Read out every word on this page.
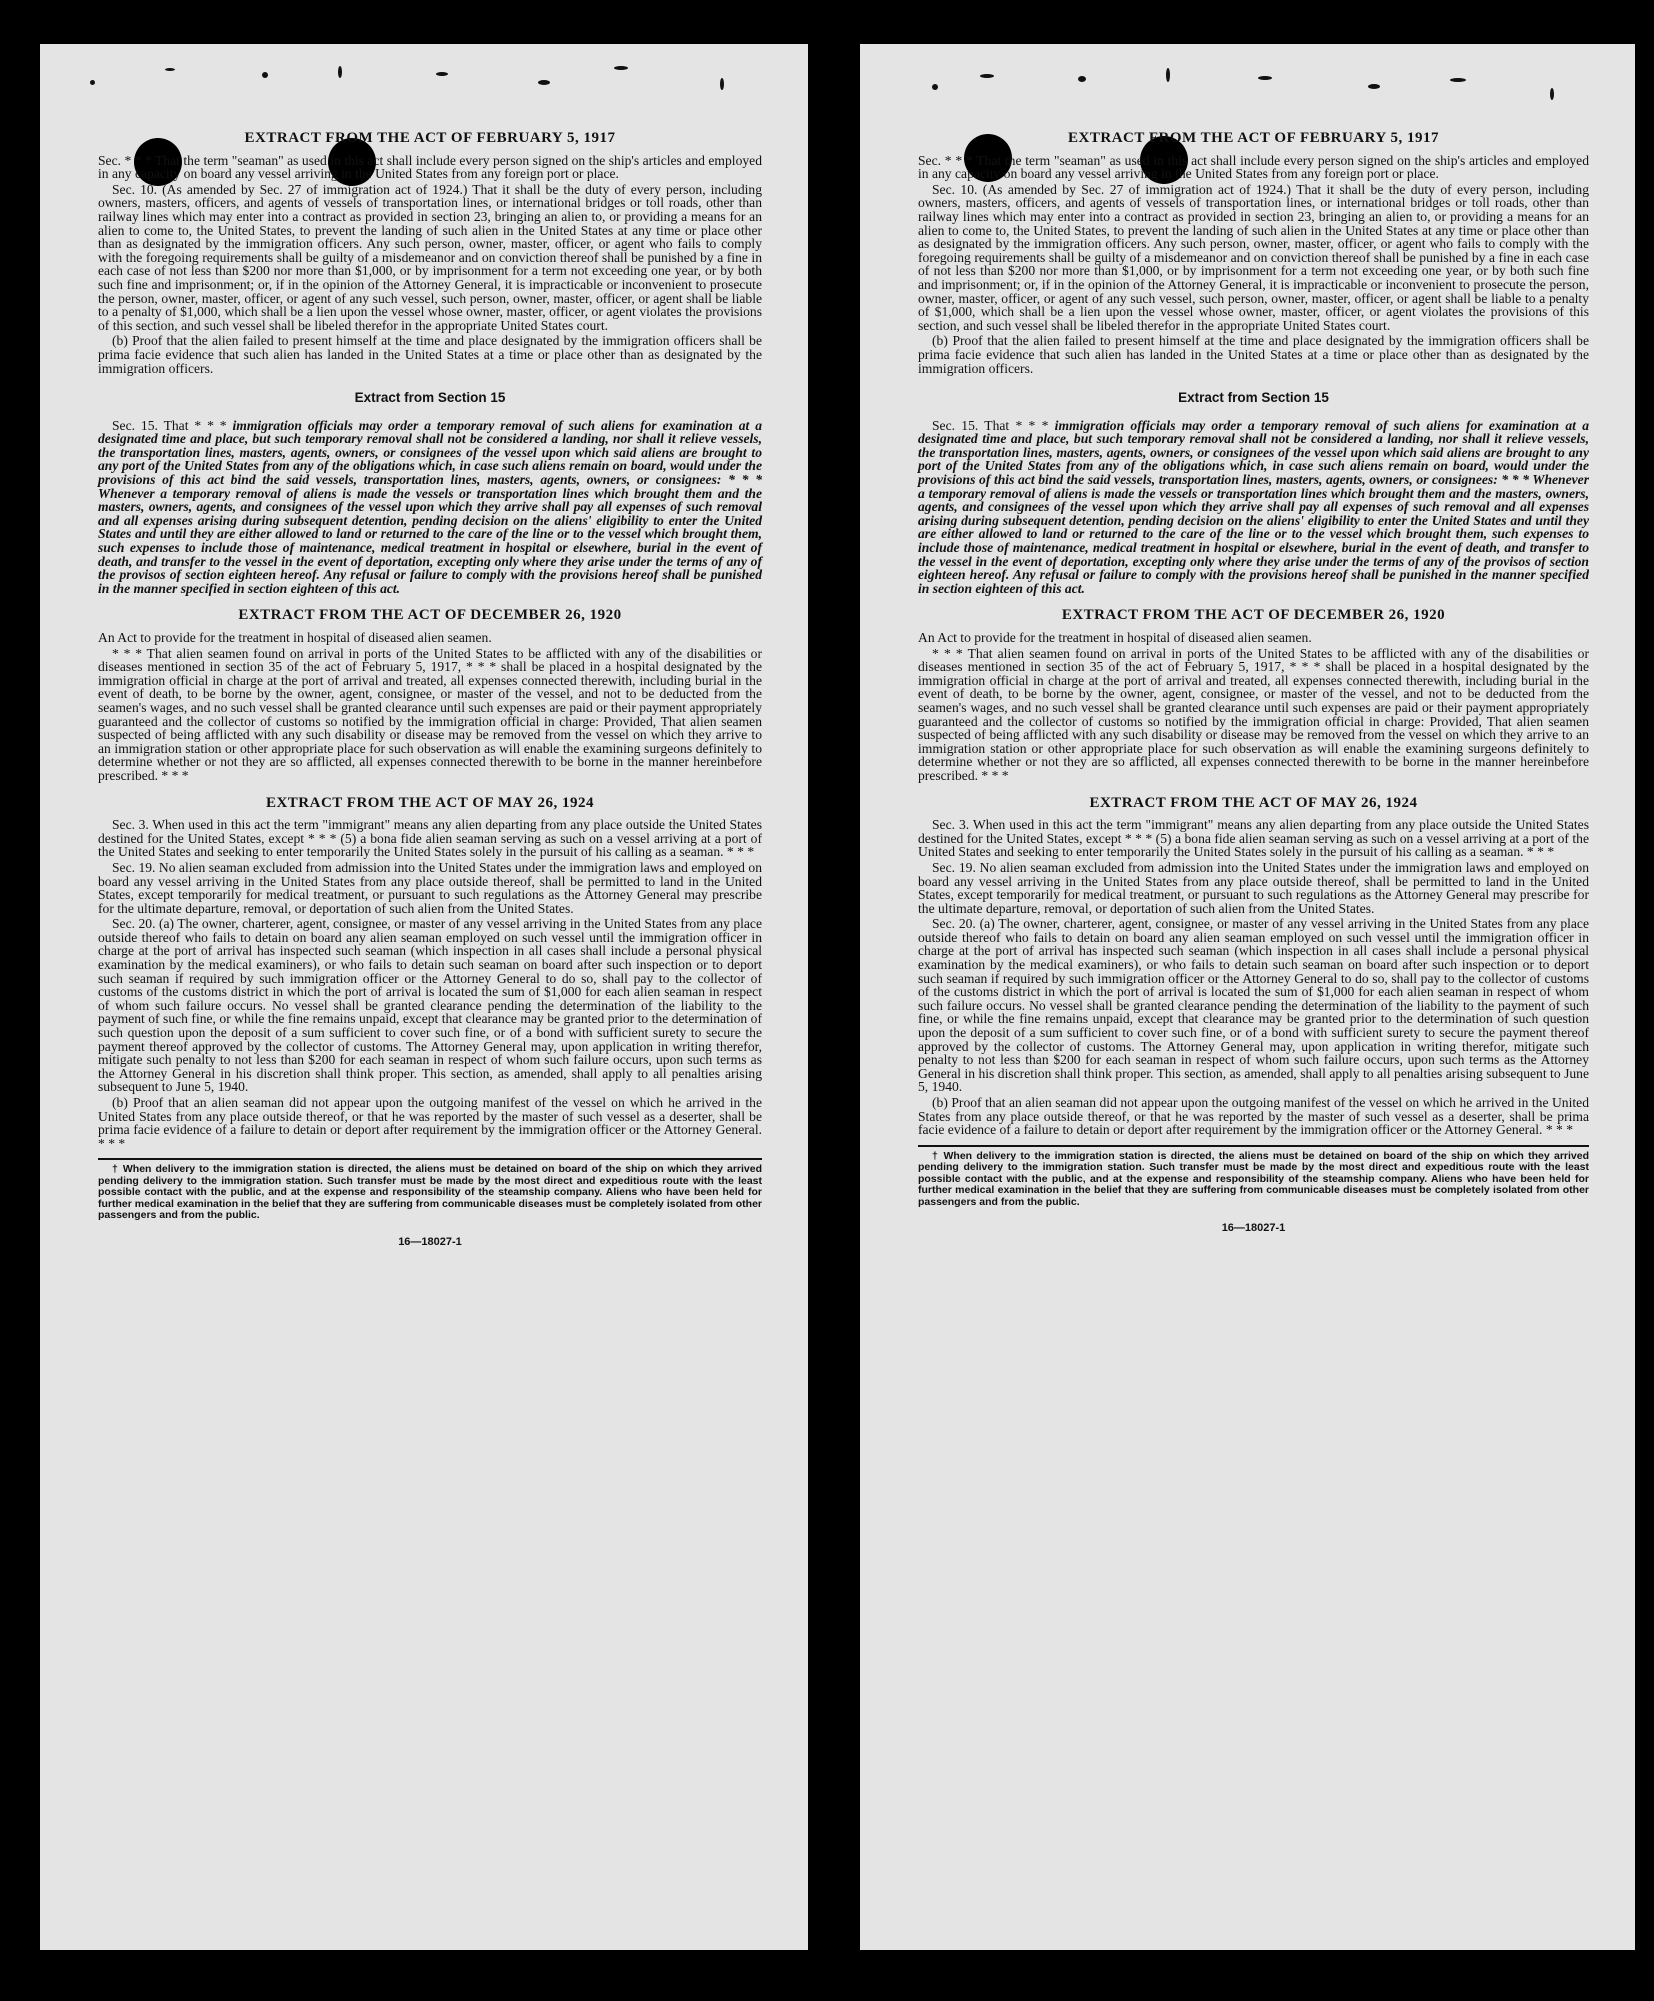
EXTRACT FROM THE ACT OF FEBRUARY 5, 1917

Sec. * * * That the term "seaman" as used in this act shall include every person signed on the ship's articles and employed in any capacity on board any vessel arriving in the United States from any foreign port or place.

Sec. 10. (As amended by Sec. 27 of immigration act of 1924.) That it shall be the duty of every person, including owners, masters, officers, and agents of vessels of transportation lines, or international bridges or toll roads, other than railway lines which may enter into a contract as provided in section 23, bringing an alien to, or providing a means for an alien to come to, the United States, to prevent the landing of such alien in the United States at any time or place other than as designated by the immigration officers. Any such person, owner, master, officer, or agent who fails to comply with the foregoing requirements shall be guilty of a misdemeanor and on conviction thereof shall be punished by a fine in each case of not less than $200 nor more than $1,000, or by imprisonment for a term not exceeding one year, or by both such fine and imprisonment; or, if in the opinion of the Attorney General, it is impracticable or inconvenient to prosecute the person, owner, master, officer, or agent of any such vessel, such person, owner, master, officer, or agent shall be liable to a penalty of $1,000, which shall be a lien upon the vessel whose owner, master, officer, or agent violates the provisions of this section, and such vessel shall be libeled therefor in the appropriate United States court.

(b) Proof that the alien failed to present himself at the time and place designated by the immigration officers shall be prima facie evidence that such alien has landed in the United States at a time or place other than as designated by the immigration officers.

Extract from Section 15

Sec. 15. That * * * immigration officials may order a temporary removal of such aliens for examination at a designated time and place, but such temporary removal shall not be considered a landing, nor shall it relieve vessels, the transportation lines, masters, agents, owners, or consignees of the vessel upon which said aliens are brought to any port of the United States from any of the obligations which, in case such aliens remain on board, would under the provisions of this act bind the said vessels, transportation lines, masters, agents, owners, or consignees: * * * Whenever a temporary removal of aliens is made the vessels or transportation lines which brought them and the masters, owners, agents, and consignees of the vessel upon which they arrive shall pay all expenses of such removal and all expenses arising during subsequent detention, pending decision on the aliens' eligibility to enter the United States and until they are either allowed to land or returned to the care of the line or to the vessel which brought them, such expenses to include those of maintenance, medical treatment in hospital or elsewhere, burial in the event of death, and transfer to the vessel in the event of deportation, excepting only where they arise under the terms of any of the provisos of section eighteen hereof. Any refusal or failure to comply with the provisions hereof shall be punished in the manner specified in section eighteen of this act.

EXTRACT FROM THE ACT OF DECEMBER 26, 1920

An Act to provide for the treatment in hospital of diseased alien seamen.

* * * That alien seamen found on arrival in ports of the United States to be afflicted with any of the disabilities or diseases mentioned in section 35 of the act of February 5, 1917, * * * shall be placed in a hospital designated by the immigration official in charge at the port of arrival and treated, all expenses connected therewith, including burial in the event of death, to be borne by the owner, agent, consignee, or master of the vessel, and not to be deducted from the seamen's wages, and no such vessel shall be granted clearance until such expenses are paid or their payment appropriately guaranteed and the collector of customs so notified by the immigration official in charge: Provided, That alien seamen suspected of being afflicted with any such disability or disease may be removed from the vessel on which they arrive to an immigration station or other appropriate place for such observation as will enable the examining surgeons definitely to determine whether or not they are so afflicted, all expenses connected therewith to be borne in the manner hereinbefore prescribed. * * *

EXTRACT FROM THE ACT OF MAY 26, 1924

Sec. 3. When used in this act the term "immigrant" means any alien departing from any place outside the United States destined for the United States, except * * * (5) a bona fide alien seaman serving as such on a vessel arriving at a port of the United States and seeking to enter temporarily the United States solely in the pursuit of his calling as a seaman. * * *

Sec. 19. No alien seaman excluded from admission into the United States under the immigration laws and employed on board any vessel arriving in the United States from any place outside thereof, shall be permitted to land in the United States, except temporarily for medical treatment, or pursuant to such regulations as the Attorney General may prescribe for the ultimate departure, removal, or deportation of such alien from the United States.

Sec. 20. (a) The owner, charterer, agent, consignee, or master of any vessel arriving in the United States from any place outside thereof who fails to detain on board any alien seaman employed on such vessel until the immigration officer in charge at the port of arrival has inspected such seaman (which inspection in all cases shall include a personal physical examination by the medical examiners), or who fails to detain such seaman on board after such inspection or to deport such seaman if required by such immigration officer or the Attorney General to do so, shall pay to the collector of customs of the customs district in which the port of arrival is located the sum of $1,000 for each alien seaman in respect of whom such failure occurs. No vessel shall be granted clearance pending the determination of the liability to the payment of such fine, or while the fine remains unpaid, except that clearance may be granted prior to the determination of such question upon the deposit of a sum sufficient to cover such fine, or of a bond with sufficient surety to secure the payment thereof approved by the collector of customs. The Attorney General may, upon application in writing therefor, mitigate such penalty to not less than $200 for each seaman in respect of whom such failure occurs, upon such terms as the Attorney General in his discretion shall think proper. This section, as amended, shall apply to all penalties arising subsequent to June 5, 1940.

(b) Proof that an alien seaman did not appear upon the outgoing manifest of the vessel on which he arrived in the United States from any place outside thereof, or that he was reported by the master of such vessel as a deserter, shall be prima facie evidence of a failure to detain or deport after requirement by the immigration officer or the Attorney General. * * *

† When delivery to the immigration station is directed, the aliens must be detained on board of the ship on which they arrived pending delivery to the immigration station. Such transfer must be made by the most direct and expeditious route with the least possible contact with the public, and at the expense and responsibility of the steamship company. Aliens who have been held for further medical examination in the belief that they are suffering from communicable diseases must be completely isolated from other passengers and from the public.

16—18027-1
EXTRACT FROM THE ACT OF FEBRUARY 5, 1917

Sec. * * * That the term "seaman" as used in this act shall include every person signed on the ship's articles and employed in any capacity on board any vessel arriving in the United States from any foreign port or place.

Sec. 10. (As amended by Sec. 27 of immigration act of 1924.) That it shall be the duty of every person, including owners, masters, officers, and agents of vessels of transportation lines, or international bridges or toll roads, other than railway lines which may enter into a contract as provided in section 23, bringing an alien to, or providing a means for an alien to come to, the United States, to prevent the landing of such alien in the United States at any time or place other than as designated by the immigration officers. Any such person, owner, master, officer, or agent who fails to comply with the foregoing requirements shall be guilty of a misdemeanor and on conviction thereof shall be punished by a fine in each case of not less than $200 nor more than $1,000, or by imprisonment for a term not exceeding one year, or by both such fine and imprisonment; or, if in the opinion of the Attorney General, it is impracticable or inconvenient to prosecute the person, owner, master, officer, or agent of any such vessel, such person, owner, master, officer, or agent shall be liable to a penalty of $1,000, which shall be a lien upon the vessel whose owner, master, officer, or agent violates the provisions of this section, and such vessel shall be libeled therefor in the appropriate United States court.

(b) Proof that the alien failed to present himself at the time and place designated by the immigration officers shall be prima facie evidence that such alien has landed in the United States at a time or place other than as designated by the immigration officers.

Extract from Section 15

Sec. 15. That * * * immigration officials may order a temporary removal of such aliens for examination at a designated time and place, but such temporary removal shall not be considered a landing, nor shall it relieve vessels, the transportation lines, masters, agents, owners, or consignees of the vessel upon which said aliens are brought to any port of the United States from any of the obligations which, in case such aliens remain on board, would under the provisions of this act bind the said vessels, transportation lines, masters, agents, owners, or consignees: * * * Whenever a temporary removal of aliens is made the vessels or transportation lines which brought them and the masters, owners, agents, and consignees of the vessel upon which they arrive shall pay all expenses of such removal and all expenses arising during subsequent detention, pending decision on the aliens' eligibility to enter the United States and until they are either allowed to land or returned to the care of the line or to the vessel which brought them, such expenses to include those of maintenance, medical treatment in hospital or elsewhere, burial in the event of death, and transfer to the vessel in the event of deportation, excepting only where they arise under the terms of any of the provisos of section eighteen hereof. Any refusal or failure to comply with the provisions hereof shall be punished in the manner specified in section eighteen of this act.

EXTRACT FROM THE ACT OF DECEMBER 26, 1920

An Act to provide for the treatment in hospital of diseased alien seamen.

* * * That alien seamen found on arrival in ports of the United States to be afflicted with any of the disabilities or diseases mentioned in section 35 of the act of February 5, 1917, * * * shall be placed in a hospital designated by the immigration official in charge at the port of arrival and treated, all expenses connected therewith, including burial in the event of death, to be borne by the owner, agent, consignee, or master of the vessel, and not to be deducted from the seamen's wages, and no such vessel shall be granted clearance until such expenses are paid or their payment appropriately guaranteed and the collector of customs so notified by the immigration official in charge: Provided, That alien seamen suspected of being afflicted with any such disability or disease may be removed from the vessel on which they arrive to an immigration station or other appropriate place for such observation as will enable the examining surgeons definitely to determine whether or not they are so afflicted, all expenses connected therewith to be borne in the manner hereinbefore prescribed. * * *

EXTRACT FROM THE ACT OF MAY 26, 1924

Sec. 3. When used in this act the term "immigrant" means any alien departing from any place outside the United States destined for the United States, except * * * (5) a bona fide alien seaman serving as such on a vessel arriving at a port of the United States and seeking to enter temporarily the United States solely in the pursuit of his calling as a seaman. * * *

Sec. 19. No alien seaman excluded from admission into the United States under the immigration laws and employed on board any vessel arriving in the United States from any place outside thereof, shall be permitted to land in the United States, except temporarily for medical treatment, or pursuant to such regulations as the Attorney General may prescribe for the ultimate departure, removal, or deportation of such alien from the United States.

Sec. 20. (a) The owner, charterer, agent, consignee, or master of any vessel arriving in the United States from any place outside thereof who fails to detain on board any alien seaman employed on such vessel until the immigration officer in charge at the port of arrival has inspected such seaman (which inspection in all cases shall include a personal physical examination by the medical examiners), or who fails to detain such seaman on board after such inspection or to deport such seaman if required by such immigration officer or the Attorney General to do so, shall pay to the collector of customs of the customs district in which the port of arrival is located the sum of $1,000 for each alien seaman in respect of whom such failure occurs. No vessel shall be granted clearance pending the determination of the liability to the payment of such fine, or while the fine remains unpaid, except that clearance may be granted prior to the determination of such question upon the deposit of a sum sufficient to cover such fine, or of a bond with sufficient surety to secure the payment thereof approved by the collector of customs. The Attorney General may, upon application in writing therefor, mitigate such penalty to not less than $200 for each seaman in respect of whom such failure occurs, upon such terms as the Attorney General in his discretion shall think proper. This section, as amended, shall apply to all penalties arising subsequent to June 5, 1940.

(b) Proof that an alien seaman did not appear upon the outgoing manifest of the vessel on which he arrived in the United States from any place outside thereof, or that he was reported by the master of such vessel as a deserter, shall be prima facie evidence of a failure to detain or deport after requirement by the immigration officer or the Attorney General. * * *

† When delivery to the immigration station is directed, the aliens must be detained on board of the ship on which they arrived pending delivery to the immigration station. Such transfer must be made by the most direct and expeditious route with the least possible contact with the public, and at the expense and responsibility of the steamship company. Aliens who have been held for further medical examination in the belief that they are suffering from communicable diseases must be completely isolated from other passengers and from the public.

16—18027-1
